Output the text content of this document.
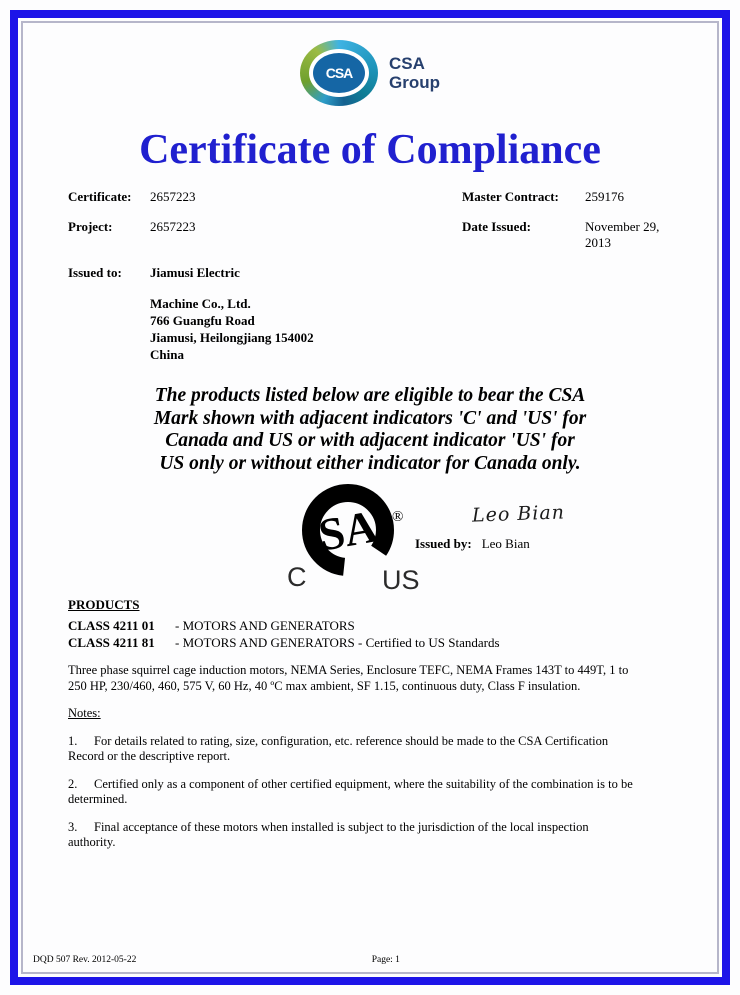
CSA	CSA
Group
Certificate of Compliance
Certificate:	2657223	Master Contract:	259176
Project:	2657223	Date Issued:	November 29, 2013
Issued to:	Jiamusi Electric
Machine Co., Ltd.
766 Guangfu Road
Jiamusi, Heilongjiang 154002
China
The products listed below are eligible to bear the CSA
Mark shown with adjacent indicators 'C' and 'US' for
Canada and US or with adjacent indicator 'US' for
US only or without either indicator for Canada only.
SA ®
C	US
Leo Bian
Issued by: Leo Bian
PRODUCTS
CLASS 4211 01	- MOTORS AND GENERATORS
CLASS 4211 81	- MOTORS AND GENERATORS - Certified to US Standards
Three phase squirrel cage induction motors, NEMA Series, Enclosure TEFC, NEMA Frames 143T to 449T, 1 to
250 HP, 230/460, 460, 575 V, 60 Hz, 40 ºC max ambient, SF 1.15, continuous duty, Class F insulation.
Notes:
1. For details related to rating, size, configuration, etc. reference should be made to the CSA Certification
Record or the descriptive report.
2. Certified only as a component of other certified equipment, where the suitability of the combination is to be
determined.
3. Final acceptance of these motors when installed is subject to the jurisdiction of the local inspection
authority.
DQD 507 Rev. 2012-05-22	Page: 1
